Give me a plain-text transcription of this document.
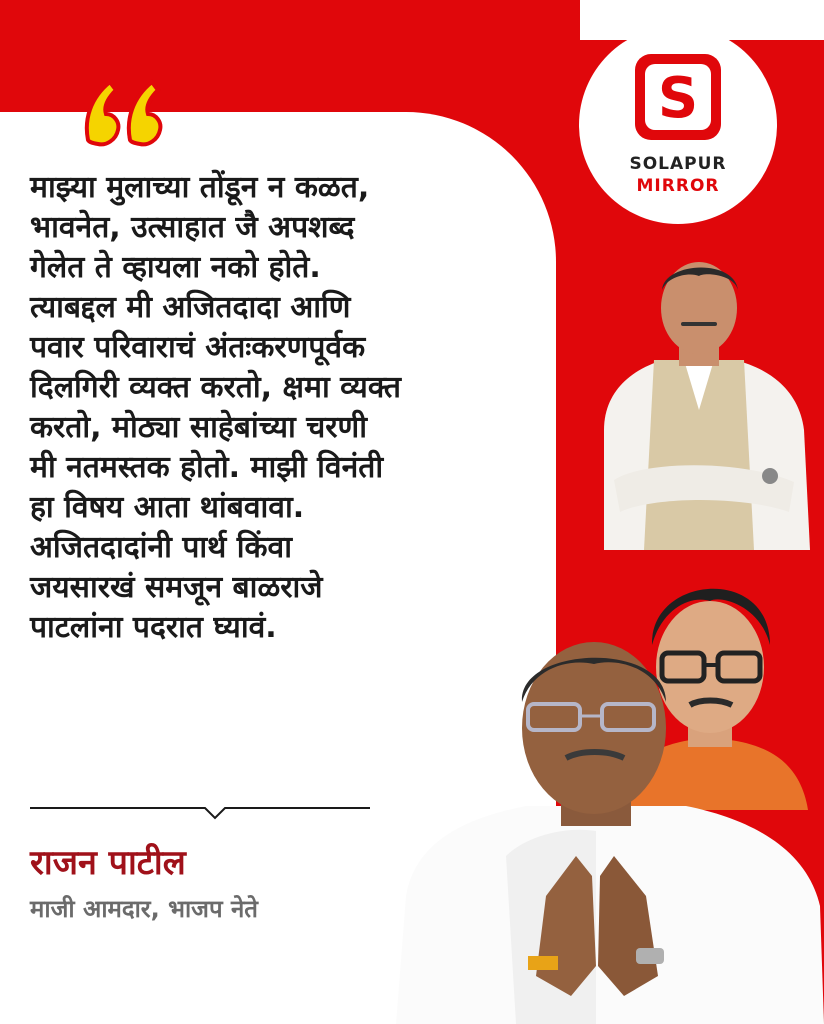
S
SOLAPUR
MIRROR
माझ्या मुलाच्या तोंडून न कळत,
भावनेत, उत्साहात जै अपशब्द
गेलेत ते व्हायला नको होते.
त्याबद्दल मी अजितदादा आणि
पवार परिवाराचं अंतःकरणपूर्वक
दिलगिरी व्यक्त करतो, क्षमा व्यक्त
करतो, मोठ्या साहेबांच्या चरणी
मी नतमस्तक होतो. माझी विनंती
हा विषय आता थांबवावा.
अजितदादांनी पार्थ किंवा
जयसारखं समजून बाळराजे
पाटलांना पदरात घ्यावं.
राजन पाटील
माजी आमदार, भाजप नेते
